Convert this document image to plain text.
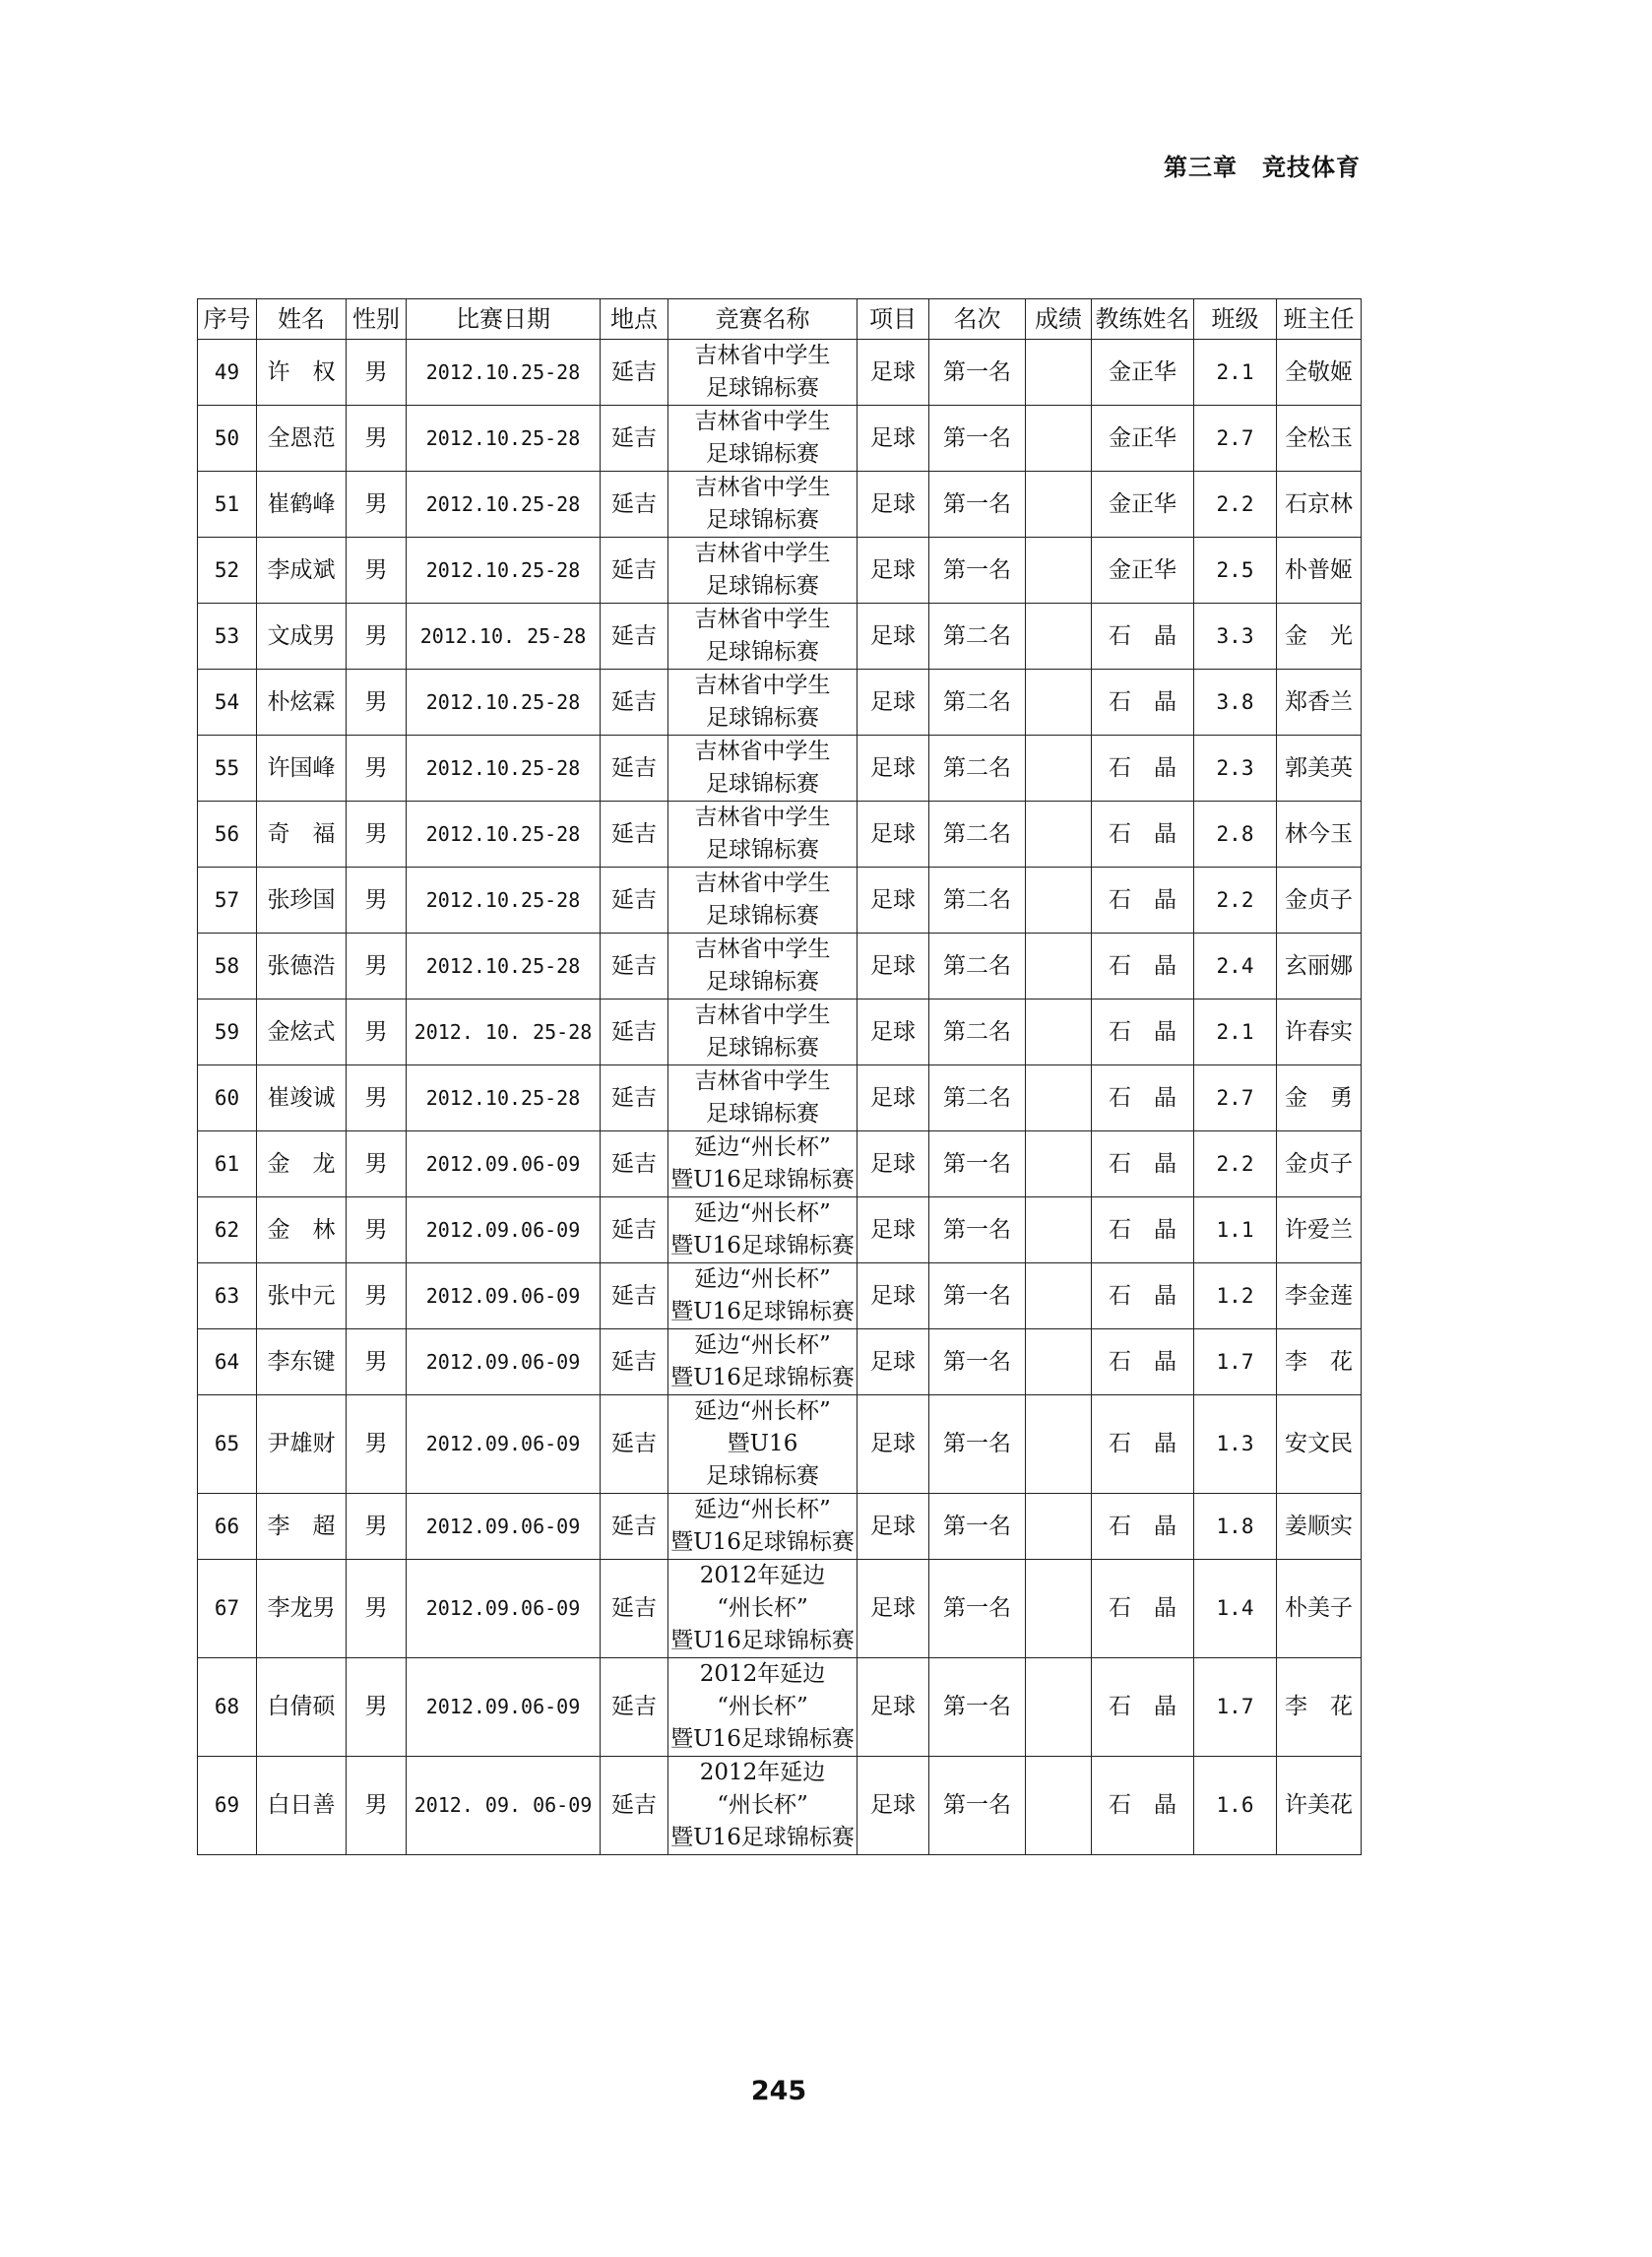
第三章　竞技体育
序号	姓名	性别	比赛日期	地点	竞赛名称	项目	名次	成绩	教练姓名	班级	班主任
49	许　权	男	2012.10.25-28	延吉	吉林省中学生
足球锦标赛	足球	第一名		金正华	2.1	全敬姬
50	全恩范	男	2012.10.25-28	延吉	吉林省中学生
足球锦标赛	足球	第一名		金正华	2.7	全松玉
51	崔鹤峰	男	2012.10.25-28	延吉	吉林省中学生
足球锦标赛	足球	第一名		金正华	2.2	石京林
52	李成斌	男	2012.10.25-28	延吉	吉林省中学生
足球锦标赛	足球	第一名		金正华	2.5	朴普姬
53	文成男	男	2012.10. 25-28	延吉	吉林省中学生
足球锦标赛	足球	第二名		石　晶	3.3	金　光
54	朴炫霖	男	2012.10.25-28	延吉	吉林省中学生
足球锦标赛	足球	第二名		石　晶	3.8	郑香兰
55	许国峰	男	2012.10.25-28	延吉	吉林省中学生
足球锦标赛	足球	第二名		石　晶	2.3	郭美英
56	奇　福	男	2012.10.25-28	延吉	吉林省中学生
足球锦标赛	足球	第二名		石　晶	2.8	林今玉
57	张珍国	男	2012.10.25-28	延吉	吉林省中学生
足球锦标赛	足球	第二名		石　晶	2.2	金贞子
58	张德浩	男	2012.10.25-28	延吉	吉林省中学生
足球锦标赛	足球	第二名		石　晶	2.4	玄丽娜
59	金炫式	男	2012. 10. 25-28	延吉	吉林省中学生
足球锦标赛	足球	第二名		石　晶	2.1	许春实
60	崔竣诚	男	2012.10.25-28	延吉	吉林省中学生
足球锦标赛	足球	第二名		石　晶	2.7	金　勇
61	金　龙	男	2012.09.06-09	延吉	延边“州长杯”
暨U16足球锦标赛	足球	第一名		石　晶	2.2	金贞子
62	金　林	男	2012.09.06-09	延吉	延边“州长杯”
暨U16足球锦标赛	足球	第一名		石　晶	1.1	许爱兰
63	张中元	男	2012.09.06-09	延吉	延边“州长杯”
暨U16足球锦标赛	足球	第一名		石　晶	1.2	李金莲
64	李东键	男	2012.09.06-09	延吉	延边“州长杯”
暨U16足球锦标赛	足球	第一名		石　晶	1.7	李　花
65	尹雄财	男	2012.09.06-09	延吉	延边“州长杯”
暨U16
足球锦标赛	足球	第一名		石　晶	1.3	安文民
66	李　超	男	2012.09.06-09	延吉	延边“州长杯”
暨U16足球锦标赛	足球	第一名		石　晶	1.8	姜顺实
67	李龙男	男	2012.09.06-09	延吉	2012年延边
“州长杯”
暨U16足球锦标赛	足球	第一名		石　晶	1.4	朴美子
68	白倩硕	男	2012.09.06-09	延吉	2012年延边
“州长杯”
暨U16足球锦标赛	足球	第一名		石　晶	1.7	李　花
69	白日善	男	2012. 09. 06-09	延吉	2012年延边
“州长杯”
暨U16足球锦标赛	足球	第一名		石　晶	1.6	许美花
245
